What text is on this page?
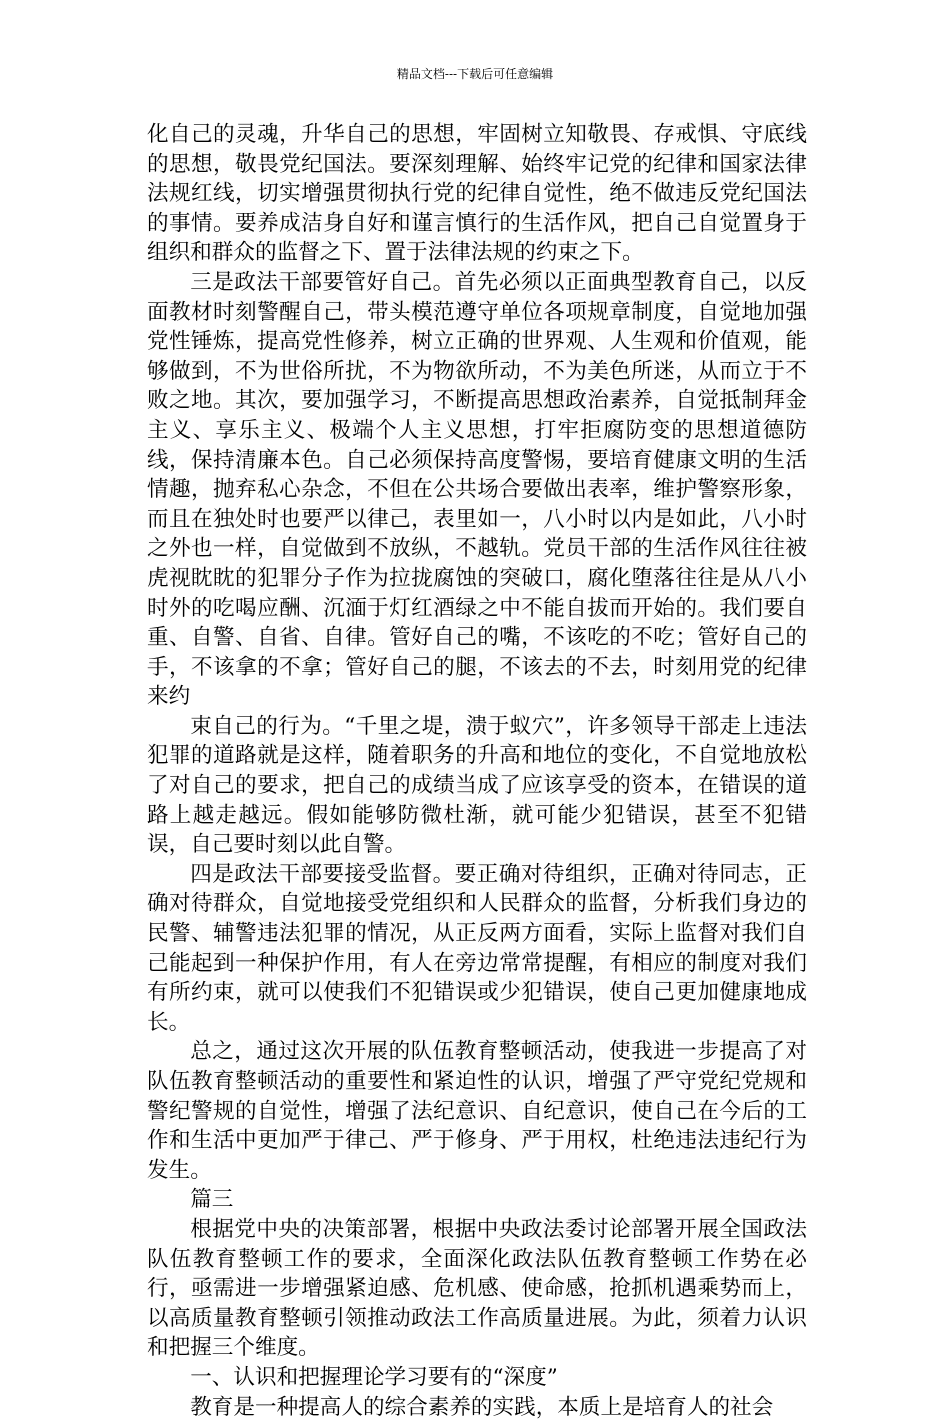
精品文档---下载后可任意编辑

化自己的灵魂，升华自己的思想，牢固树立知敬畏、存戒惧、守底线的思想，敬畏党纪国法。要深刻理解、始终牢记党的纪律和国家法律法规红线，切实增强贯彻执行党的纪律自觉性，绝不做违反党纪国法的事情。要养成洁身自好和谨言慎行的生活作风，把自己自觉置身于组织和群众的监督之下、置于法律法规的约束之下。

三是政法干部要管好自己。首先必须以正面典型教育自己，以反面教材时刻警醒自己，带头模范遵守单位各项规章制度，自觉地加强党性锤炼，提高党性修养，树立正确的世界观、人生观和价值观，能够做到，不为世俗所扰，不为物欲所动，不为美色所迷，从而立于不败之地。其次，要加强学习，不断提高思想政治素养，自觉抵制拜金主义、享乐主义、极端个人主义思想，打牢拒腐防变的思想道德防线，保持清廉本色。自己必须保持高度警惕，要培育健康文明的生活情趣，抛弃私心杂念，不但在公共场合要做出表率，维护警察形象，而且在独处时也要严以律己，表里如一，八小时以内是如此，八小时之外也一样，自觉做到不放纵，不越轨。党员干部的生活作风往往被虎视眈眈的犯罪分子作为拉拢腐蚀的突破口，腐化堕落往往是从八小时外的吃喝应酬、沉湎于灯红酒绿之中不能自拔而开始的。我们要自重、自警、自省、自律。管好自己的嘴，不该吃的不吃；管好自己的手，不该拿的不拿；管好自己的腿，不该去的不去，时刻用党的纪律来约

束自己的行为。“千里之堤，溃于蚁穴”，许多领导干部走上违法犯罪的道路就是这样，随着职务的升高和地位的变化，不自觉地放松了对自己的要求，把自己的成绩当成了应该享受的资本，在错误的道路上越走越远。假如能够防微杜渐，就可能少犯错误，甚至不犯错误，自己要时刻以此自警。

四是政法干部要接受监督。要正确对待组织，正确对待同志，正确对待群众，自觉地接受党组织和人民群众的监督，分析我们身边的民警、辅警违法犯罪的情况，从正反两方面看，实际上监督对我们自己能起到一种保护作用，有人在旁边常常提醒，有相应的制度对我们有所约束，就可以使我们不犯错误或少犯错误，使自己更加健康地成长。

总之，通过这次开展的队伍教育整顿活动，使我进一步提高了对队伍教育整顿活动的重要性和紧迫性的认识，增强了严守党纪党规和警纪警规的自觉性，增强了法纪意识、自纪意识，使自己在今后的工作和生活中更加严于律己、严于修身、严于用权，杜绝违法违纪行为发生。

篇三

根据党中央的决策部署，根据中央政法委讨论部署开展全国政法队伍教育整顿工作的要求，全面深化政法队伍教育整顿工作势在必行，亟需进一步增强紧迫感、危机感、使命感，抢抓机遇乘势而上，以高质量教育整顿引领推动政法工作高质量进展。为此，须着力认识和把握三个维度。

一、认识和把握理论学习要有的“深度”

教育是一种提高人的综合素养的实践，本质上是培育人的社会
